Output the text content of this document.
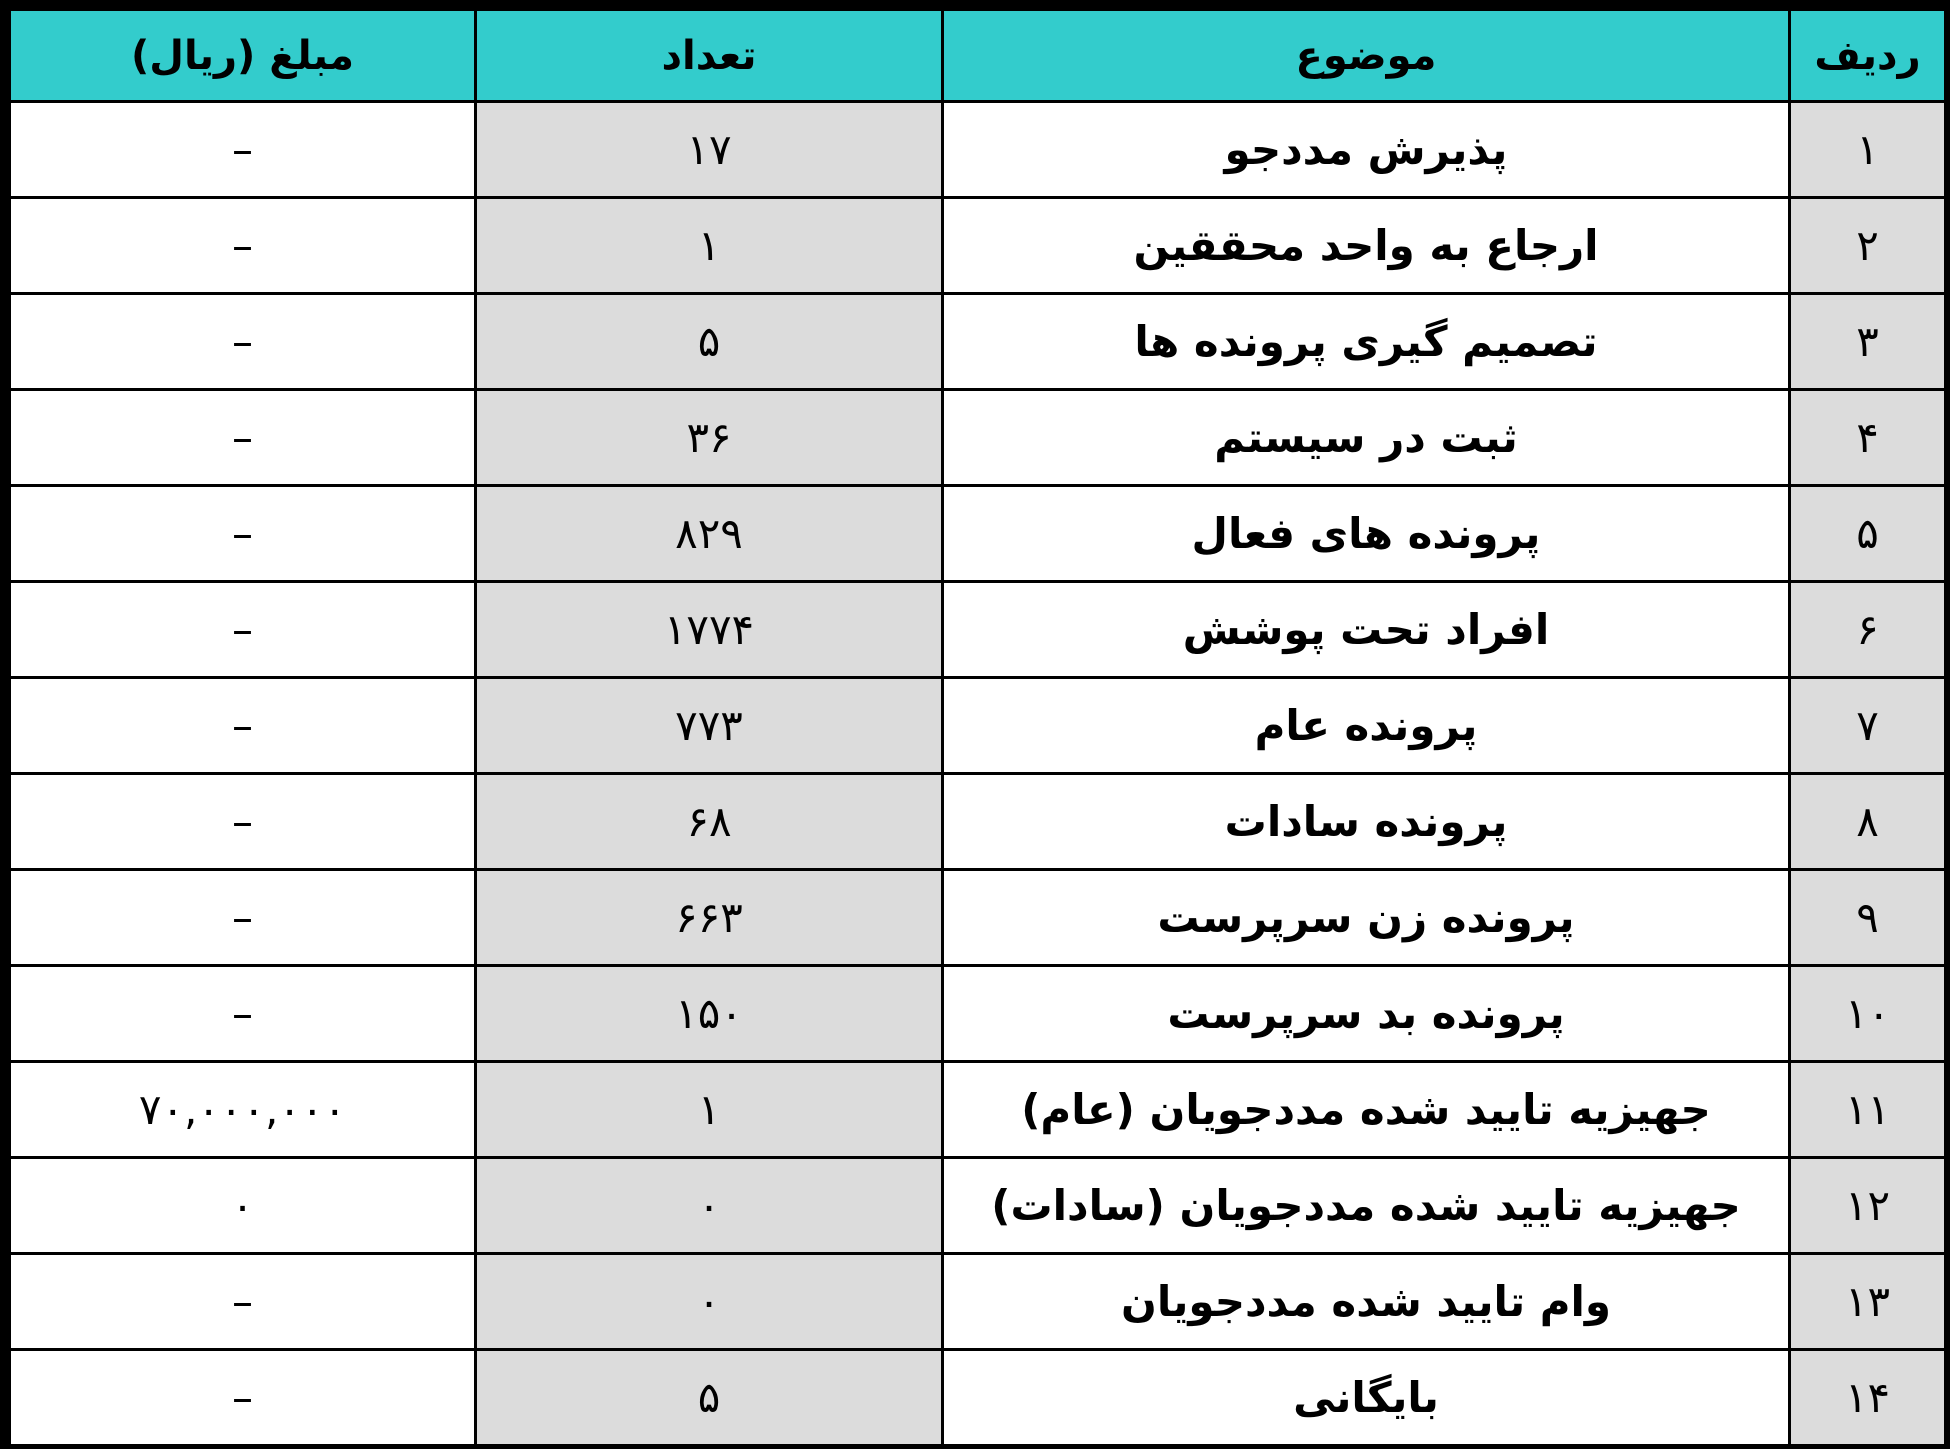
ردیف	موضوع	تعداد	مبلغ (ریال)
۱	پذیرش مددجو	۱۷	–
۲	ارجاع به واحد محققین	۱	–
۳	تصمیم گیری پرونده ها	۵	–
۴	ثبت در سیستم	۳۶	–
۵	پرونده های فعال	۸۲۹	–
۶	افراد تحت پوشش	۱۷۷۴	–
۷	پرونده عام	۷۷۳	–
۸	پرونده سادات	۶۸	–
۹	پرونده زن سرپرست	۶۶۳	–
۱۰	پرونده بد سرپرست	۱۵۰	–
۱۱	جهیزیه تایید شده مددجویان (عام)	۱	۷۰,۰۰۰,۰۰۰
۱۲	جهیزیه تایید شده مددجویان (سادات)	۰	۰
۱۳	وام تایید شده مددجویان	۰	–
۱۴	بایگانی	۵	–
